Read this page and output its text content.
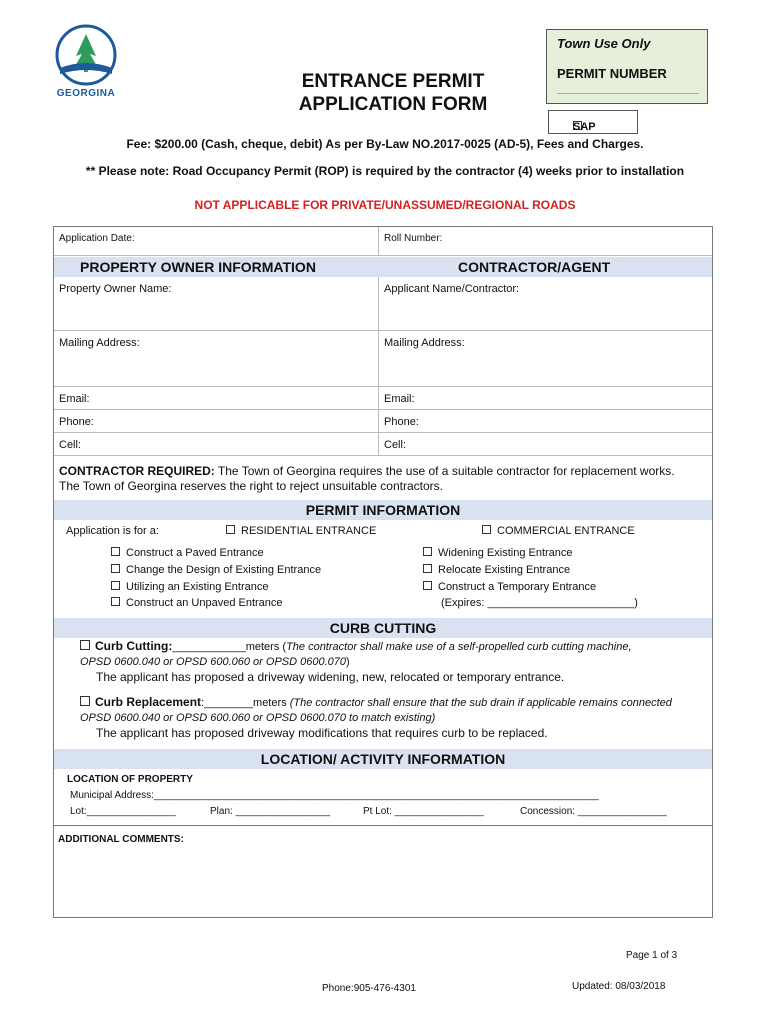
GEORGINA
ENTRANCE PERMIT
APPLICATION FORM
Town Use Only
PERMIT NUMBER
SAP
Fee: $200.00 (Cash, cheque, debit) As per By-Law NO.2017-0025 (AD-5), Fees and Charges.
** Please note: Road Occupancy Permit (ROP) is required by the contractor (4) weeks prior to installation
NOT APPLICABLE FOR PRIVATE/UNASSUMED/REGIONAL ROADS
Application Date:	Roll Number:
PROPERTY OWNER INFORMATION	CONTRACTOR/AGENT
Property Owner Name:	Applicant Name/Contractor:
Mailing Address:	Mailing Address:
Email:	Email:
Phone:	Phone:
Cell:	Cell:
CONTRACTOR REQUIRED: The Town of Georgina requires the use of a suitable contractor for replacement works.
The Town of Georgina reserves the right to reject unsuitable contractors.
PERMIT INFORMATION
Application is for a:	RESIDENTIAL ENTRANCE	COMMERCIAL ENTRANCE
Construct a Paved Entrance
Change the Design of Existing Entrance
Utilizing an Existing Entrance
Construct an Unpaved Entrance
Widening Existing Entrance
Relocate Existing Entrance
Construct a Temporary Entrance
(Expires: ________________________)
CURB CUTTING
Curb Cutting:____________meters (The contractor shall make use of a self-propelled curb cutting machine,
OPSD 0600.040 or OPSD 600.060 or OPSD 0600.070)
The applicant has proposed a driveway widening, new, relocated or temporary entrance.
Curb Replacement:________meters (The contractor shall ensure that the sub drain if applicable remains connected
OPSD 0600.040 or OPSD 600.060 or OPSD 0600.070 to match existing)
The applicant has proposed driveway modifications that requires curb to be replaced.
LOCATION/ ACTIVITY INFORMATION
LOCATION OF PROPERTY
Municipal Address:________________________________________________________________________________
Lot:________________	Plan: _________________	Pt Lot: ________________	Concession: ________________
ADDITIONAL COMMENTS:
Page 1 of 3
Phone:905-476-4301	Updated: 08/03/2018
